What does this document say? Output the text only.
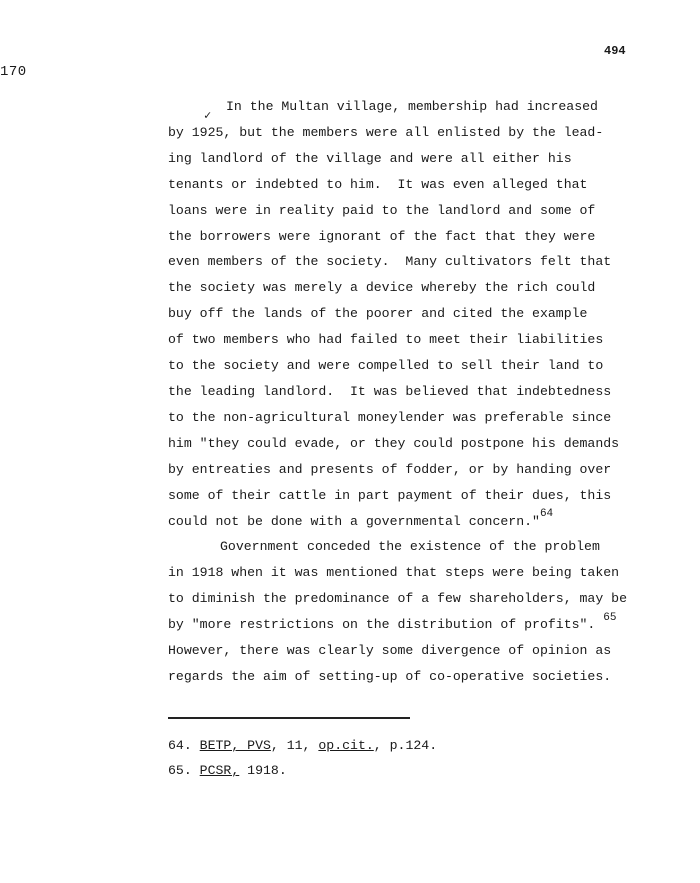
170
494
✓
In the Multan village, membership had increased
by 1925, but the members were all enlisted by the lead-
ing landlord of the village and were all either his
tenants or indebted to him.  It was even alleged that
loans were in reality paid to the landlord and some of
the borrowers were ignorant of the fact that they were
even members of the society.  Many cultivators felt that
the society was merely a device whereby the rich could
buy off the lands of the poorer and cited the example
of two members who had failed to meet their liabilities
to the society and were compelled to sell their land to
the leading landlord.  It was believed that indebtedness
to the non-agricultural moneylender was preferable since
him "they could evade, or they could postpone his demands
by entreaties and presents of fodder, or by handing over
some of their cattle in part payment of their dues, this
could not be done with a governmental concern."$^{64}$
Government conceded the existence of the problem
in 1918 when it was mentioned that steps were being taken
to diminish the predominance of a few shareholders, may be
by "more restrictions on the distribution of profits". $^{65}$
However, there was clearly some divergence of opinion as
regards the aim of setting-up of co-operative societies.
64. BETP, PVS, 11, op.cit., p.124.
65. PCSR, 1918.
